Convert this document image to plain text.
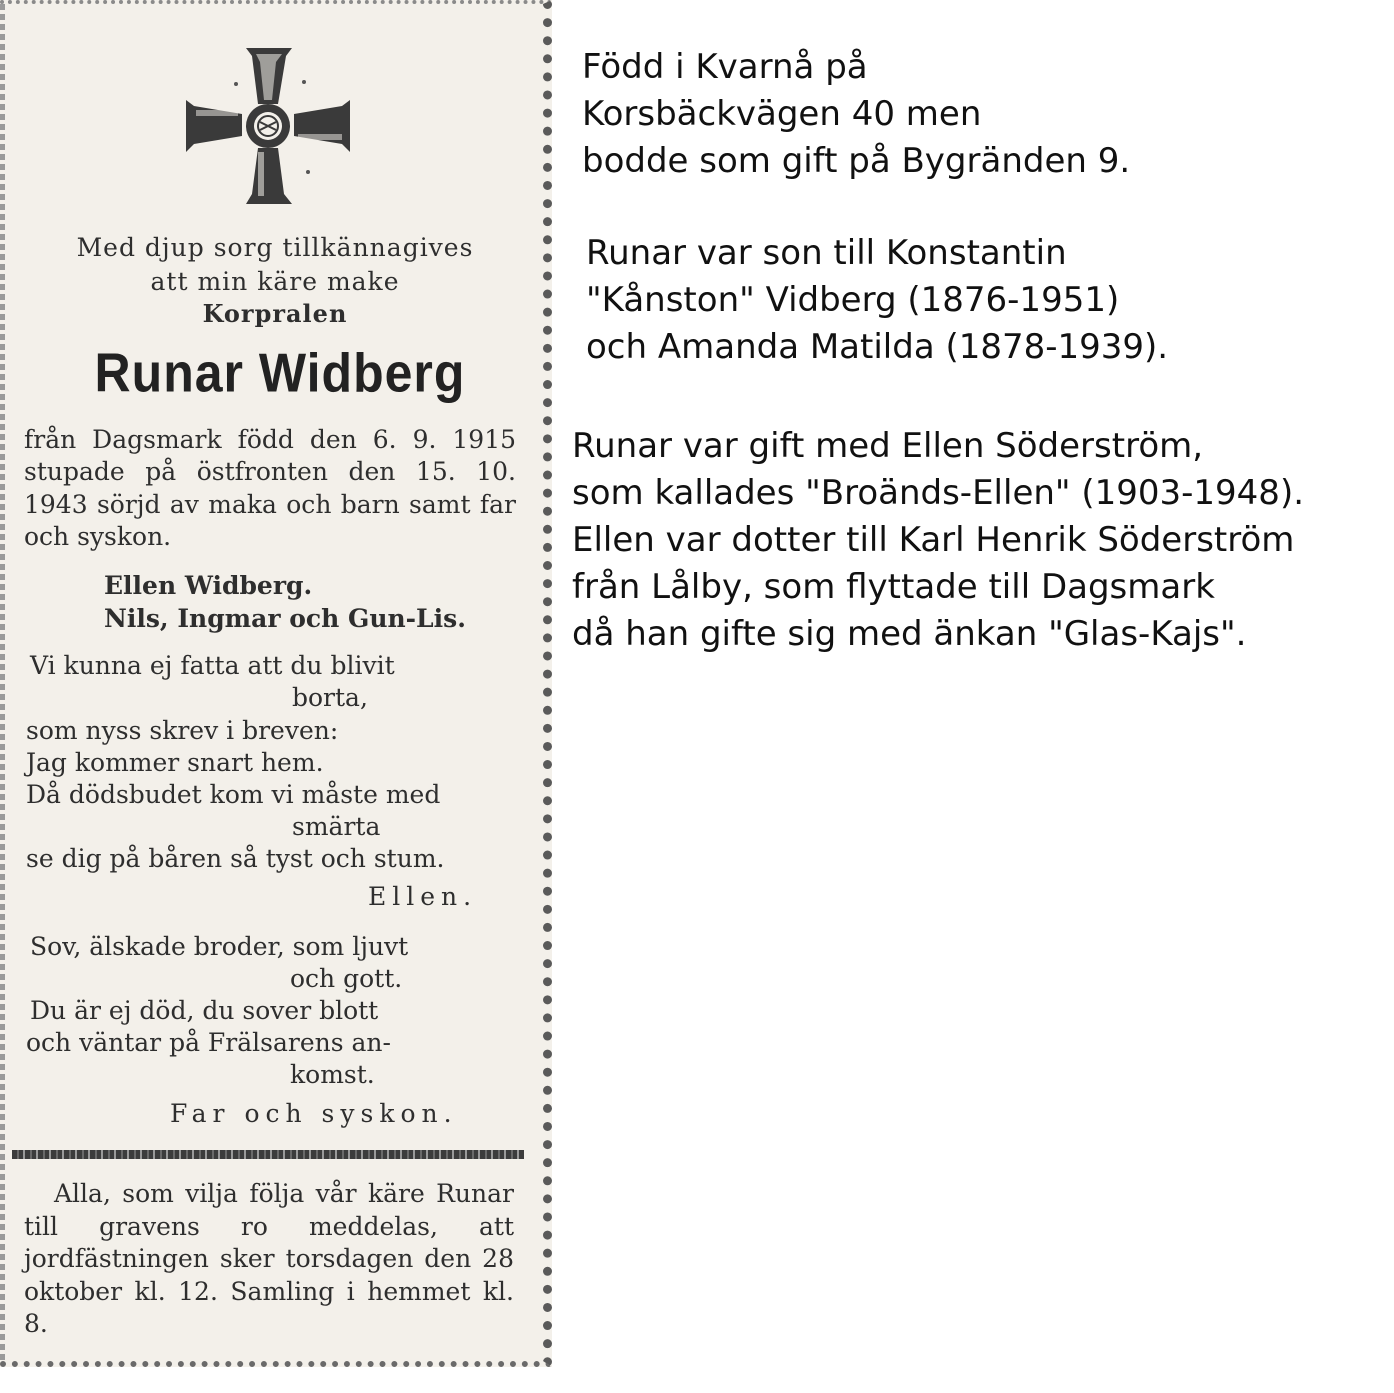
Med djup sorg tillkännagives
att min käre make
Korpralen
Runar Widberg
från Dagsmark född den 6. 9. 1915 stupade på östfronten den 15. 10. 1943 sörjd av maka och barn samt far och syskon.
Ellen Widberg.
Nils, Ingmar och Gun-Lis.
Vi kunna ej fatta att du blivit
borta,
som nyss skrev i breven:
Jag kommer snart hem.
Då dödsbudet kom vi måste med
smärta
se dig på båren så tyst och stum.
Ellen.
Sov, älskade broder, som ljuvt
och gott.
Du är ej död, du sover blott
och väntar på Frälsarens an-
komst.
Far och syskon.
Alla, som vilja följa vår käre Runar till gravens ro meddelas, att jordfästningen sker torsdagen den 28 oktober kl. 12. Samling i hemmet kl. 8.
Född i Kvarnå på
Korsbäckvägen 40 men
bodde som gift på Bygränden 9.
Runar var son till Konstantin
"Kånston" Vidberg (1876-1951)
och Amanda Matilda (1878-1939).
Runar var gift med Ellen Söderström,
som kallades "Broänds-Ellen" (1903-1948).
Ellen var dotter till Karl Henrik Söderström
från Lålby, som flyttade till Dagsmark
då han gifte sig med änkan "Glas-Kajs".
